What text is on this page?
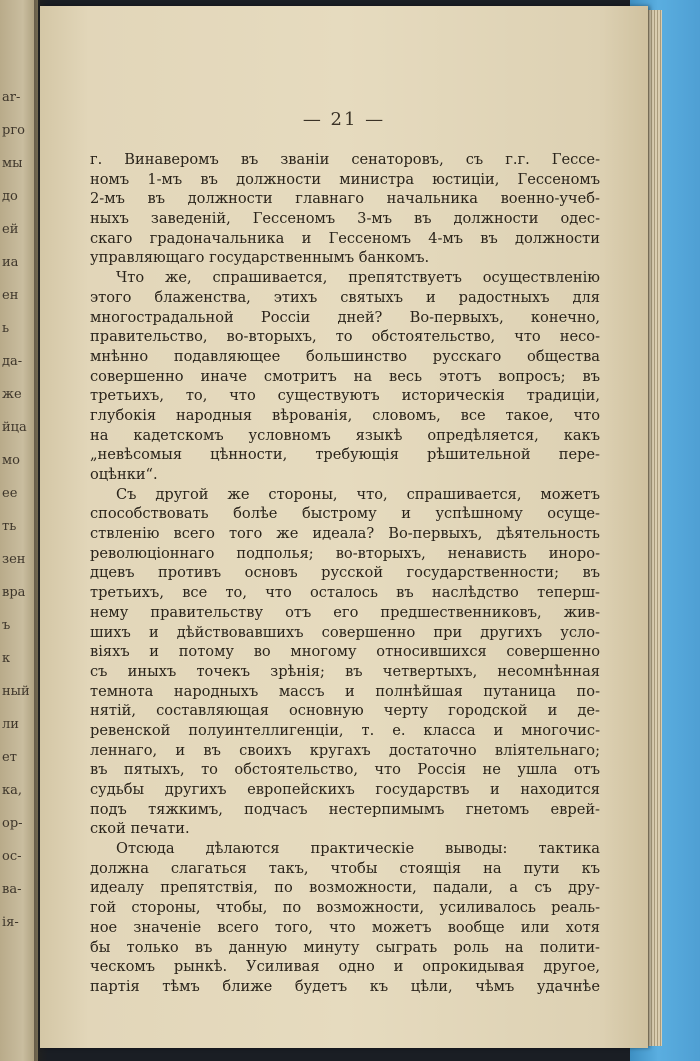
ar-
рго
мы
до
ей
иа
ен
ь
да-
же
йца
мо
ее
ть
зен
вра
ъ
к
ный
ли
ет
ка,
ор-
ос-
ва-
iя-
— 21 —
г. Винаверомъ въ званiи сенаторовъ, съ г.г. Гессе-
номъ 1-мъ въ должности министра юстицiи, Гессеномъ
2-мъ въ должности главнаго начальника военно-учеб-
ныхъ заведенiй, Гессеномъ 3-мъ въ должности одес-
скаго градоначальника и Гессеномъ 4-мъ въ должности
управляющаго государственнымъ банкомъ.
Что же, спрашивается, препятствуетъ осуществленiю
этого блаженства, этихъ святыхъ и радостныхъ для
многострадальной Россiи дней? Во-первыхъ, конечно,
правительство, во-вторыхъ, то обстоятельство, что несо-
мнѣнно подавляющее большинство русскаго общества
совершенно иначе смотритъ на весь этотъ вопросъ; въ
третьихъ, то, что существуютъ историческiя традицiи,
глубокiя народныя вѣрованiя, словомъ, все такое, что
на кадетскомъ условномъ языкѣ опредѣляется, какъ
„невѣсомыя цѣнности, требующiя рѣшительной пере-
оцѣнки“.
Съ другой же стороны, что, спрашивается, можетъ
способствовать болѣе быстрому и успѣшному осуще-
ствленiю всего того же идеала? Во-первыхъ, дѣятельность
революцiоннаго подполья; во-вторыхъ, ненависть иноро-
дцевъ противъ основъ русской государственности; въ
третьихъ, все то, что осталось въ наслѣдство теперш-
нему правительству отъ его предшественниковъ, жив-
шихъ и дѣйствовавшихъ совершенно при другихъ усло-
вiяхъ и потому во многому относившихся совершенно
съ иныхъ точекъ зрѣнiя; въ четвертыхъ, несомнѣнная
темнота народныхъ массъ и полнѣйшая путаница по-
нятiй, составляющая основную черту городской и де-
ревенской полуинтеллигенцiи, т. е. класса и многочис-
леннаго, и въ своихъ кругахъ достаточно влiятельнаго;
въ пятыхъ, то обстоятельство, что Россiя не ушла отъ
судьбы другихъ европейскихъ государствъ и находится
подъ тяжкимъ, подчасъ нестерпимымъ гнетомъ еврей-
ской печати.
Отсюда дѣлаются практическiе выводы: тактика
должна слагаться такъ, чтобы стоящiя на пути къ
идеалу препятствiя, по возможности, падали, а съ дру-
гой стороны, чтобы, по возможности, усиливалось реаль-
ное значенiе всего того, что можетъ вообще или хотя
бы только въ данную минуту сыграть роль на полити-
ческомъ рынкѣ. Усиливая одно и опрокидывая другое,
партiя тѣмъ ближе будетъ къ цѣли, чѣмъ удачнѣе
